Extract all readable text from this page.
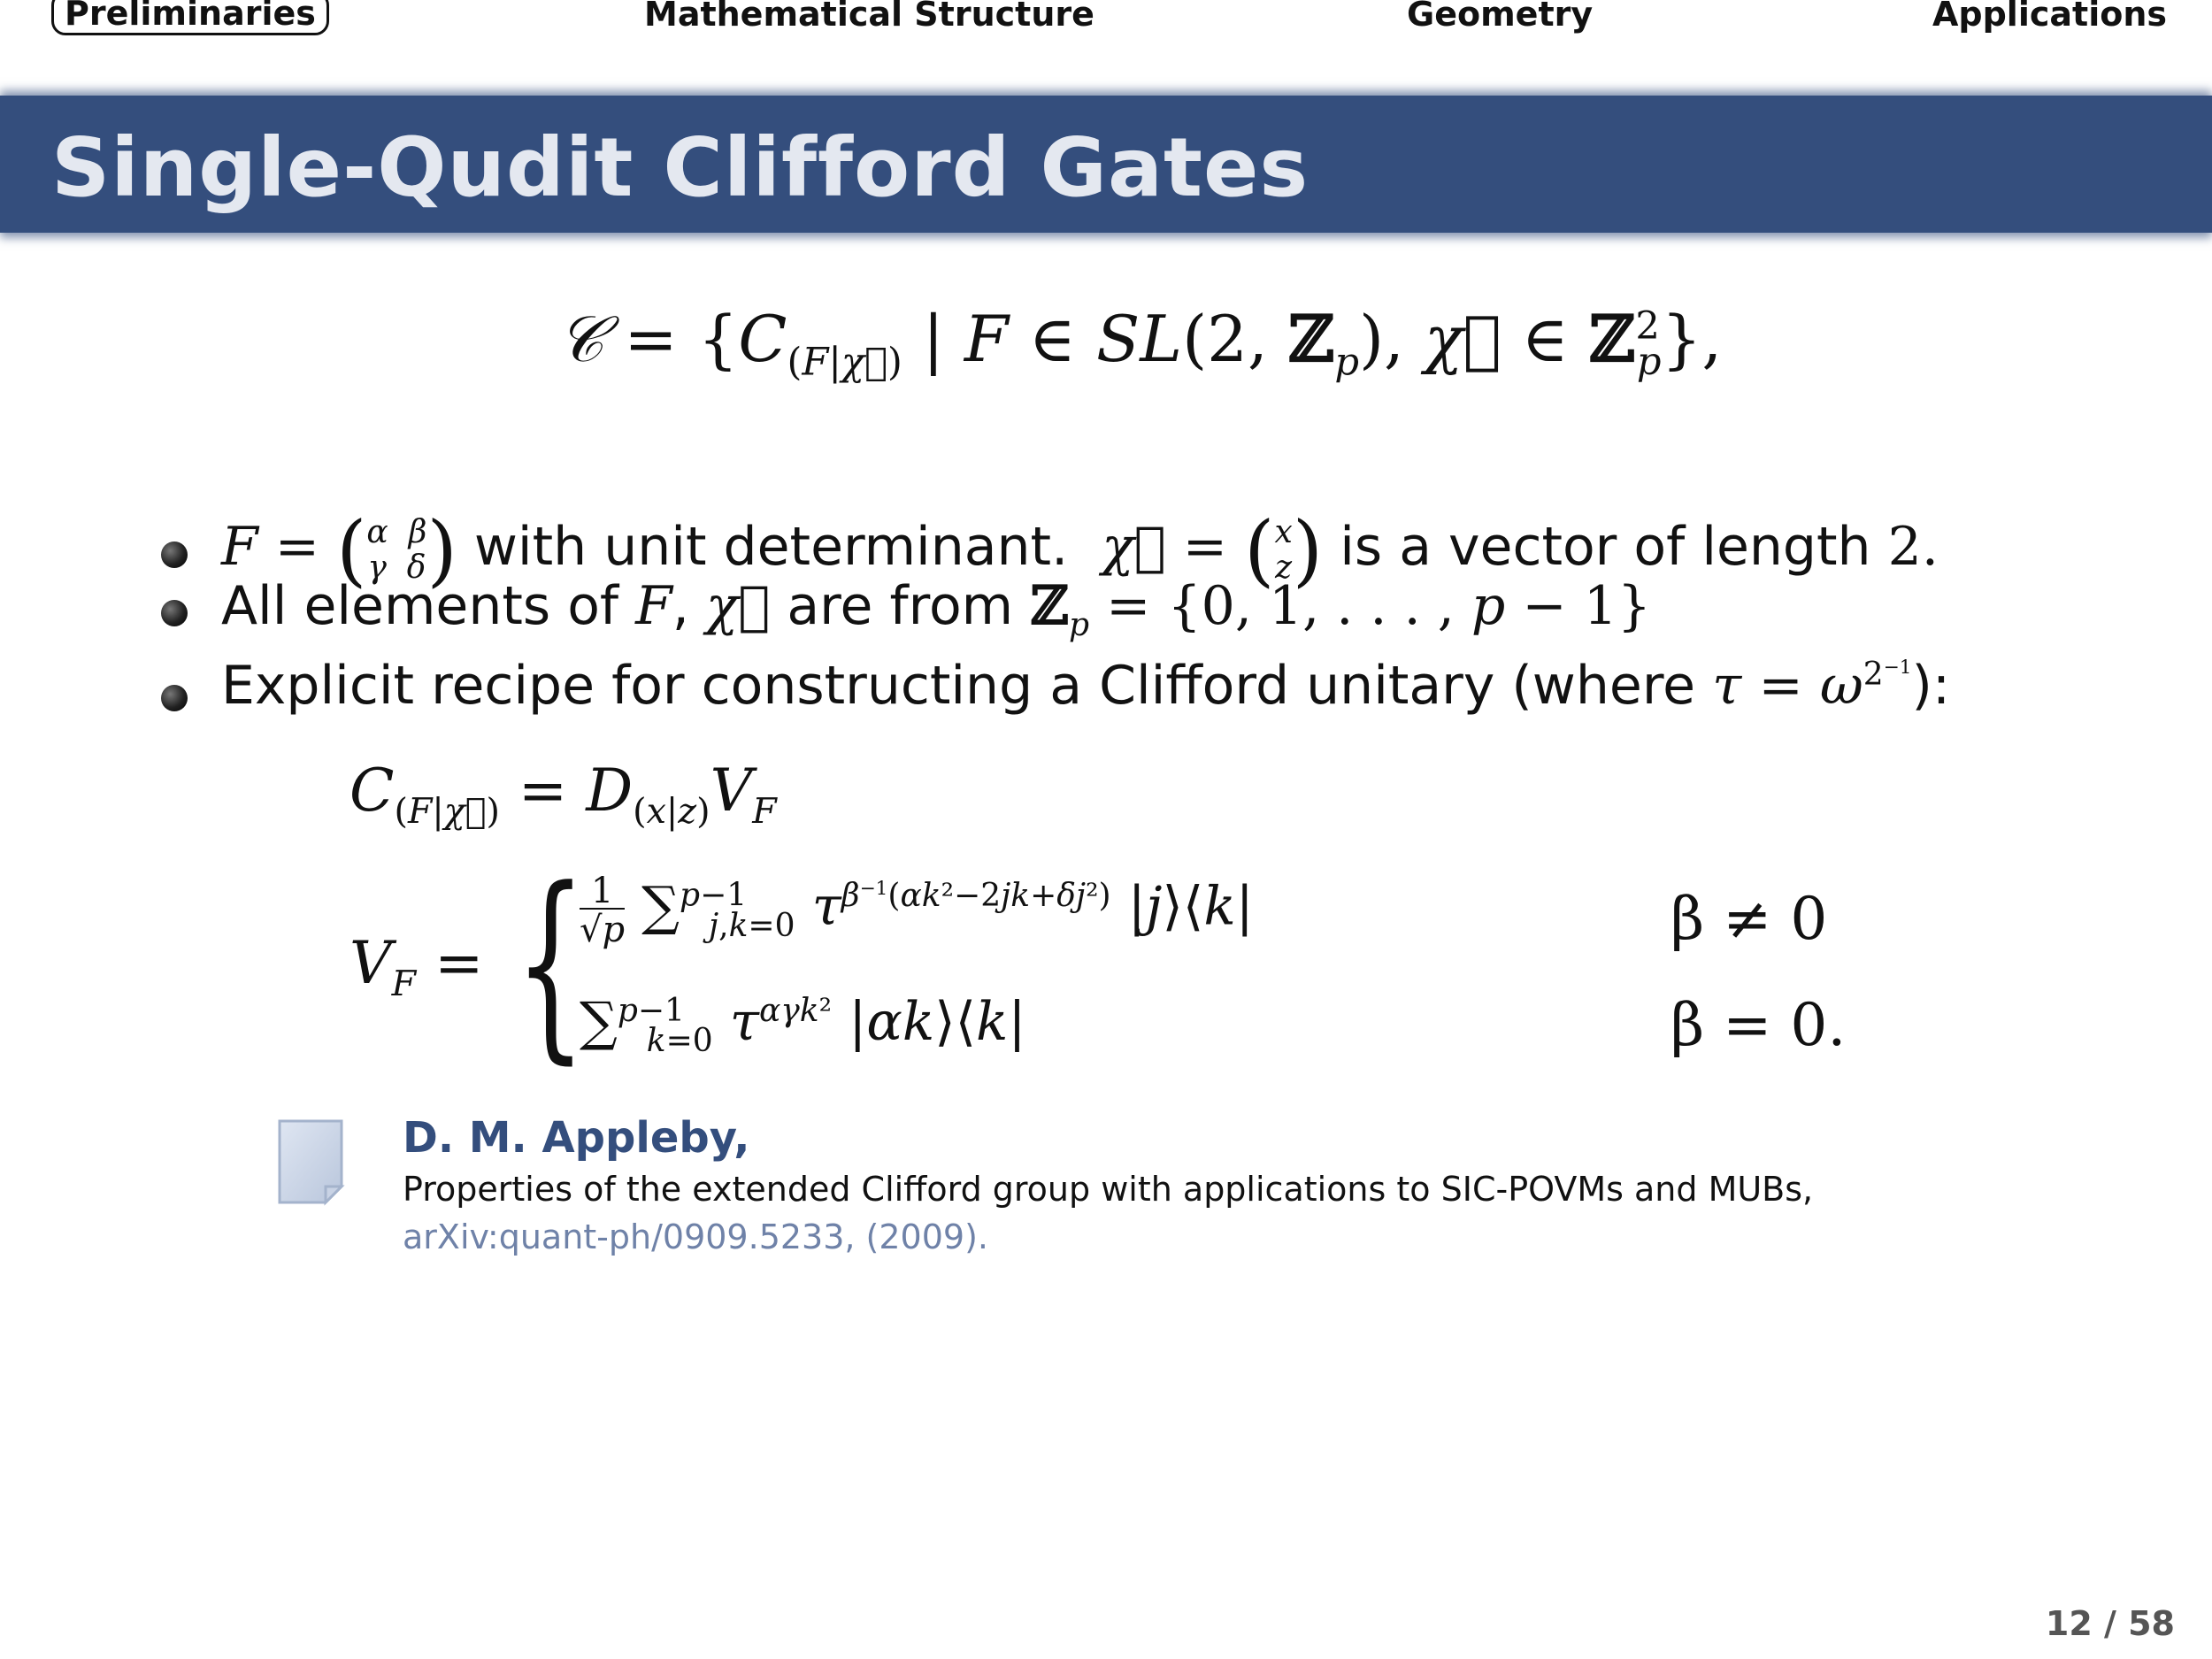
Preliminaries	Mathematical Structure	Geometry	Applications
Single-Qudit Clifford Gates
𝒞 = {$C_{(F|\chi⃗)}$ | F ∈ SL(2, ℤ$_p$), χ⃗ ∈ ℤ$^2_p$},
F = (α  β
γ  δ) with unit determinant. χ⃗ = (x
z) is a vector of length 2.
All elements of F, χ⃗ are from ℤ$_p$ = {0, 1, . . . , p − 1}
Explicit recipe for constructing a Clifford unitary (where $\tau = \omega^{2^{-1}}$):
$C_{(F|\chi⃗)} = D_{(x|z)}V_F$
$V_F$ = { 1
√p ∑$^{p-1}_{j,k=0}$ $\tau^{\beta^{-1}(\alpha k^2-2jk+\delta j^2)}$ |j⟩⟨k|	β ≠ 0
∑$^{p-1}_{k=0}$ $\tau^{\alpha\gamma k^2}$ |αk⟩⟨k|	β = 0.
D. M. Appleby,
Properties of the extended Clifford group with applications to SIC-POVMs and MUBs,
arXiv:quant-ph/0909.5233, (2009).
12 / 58
